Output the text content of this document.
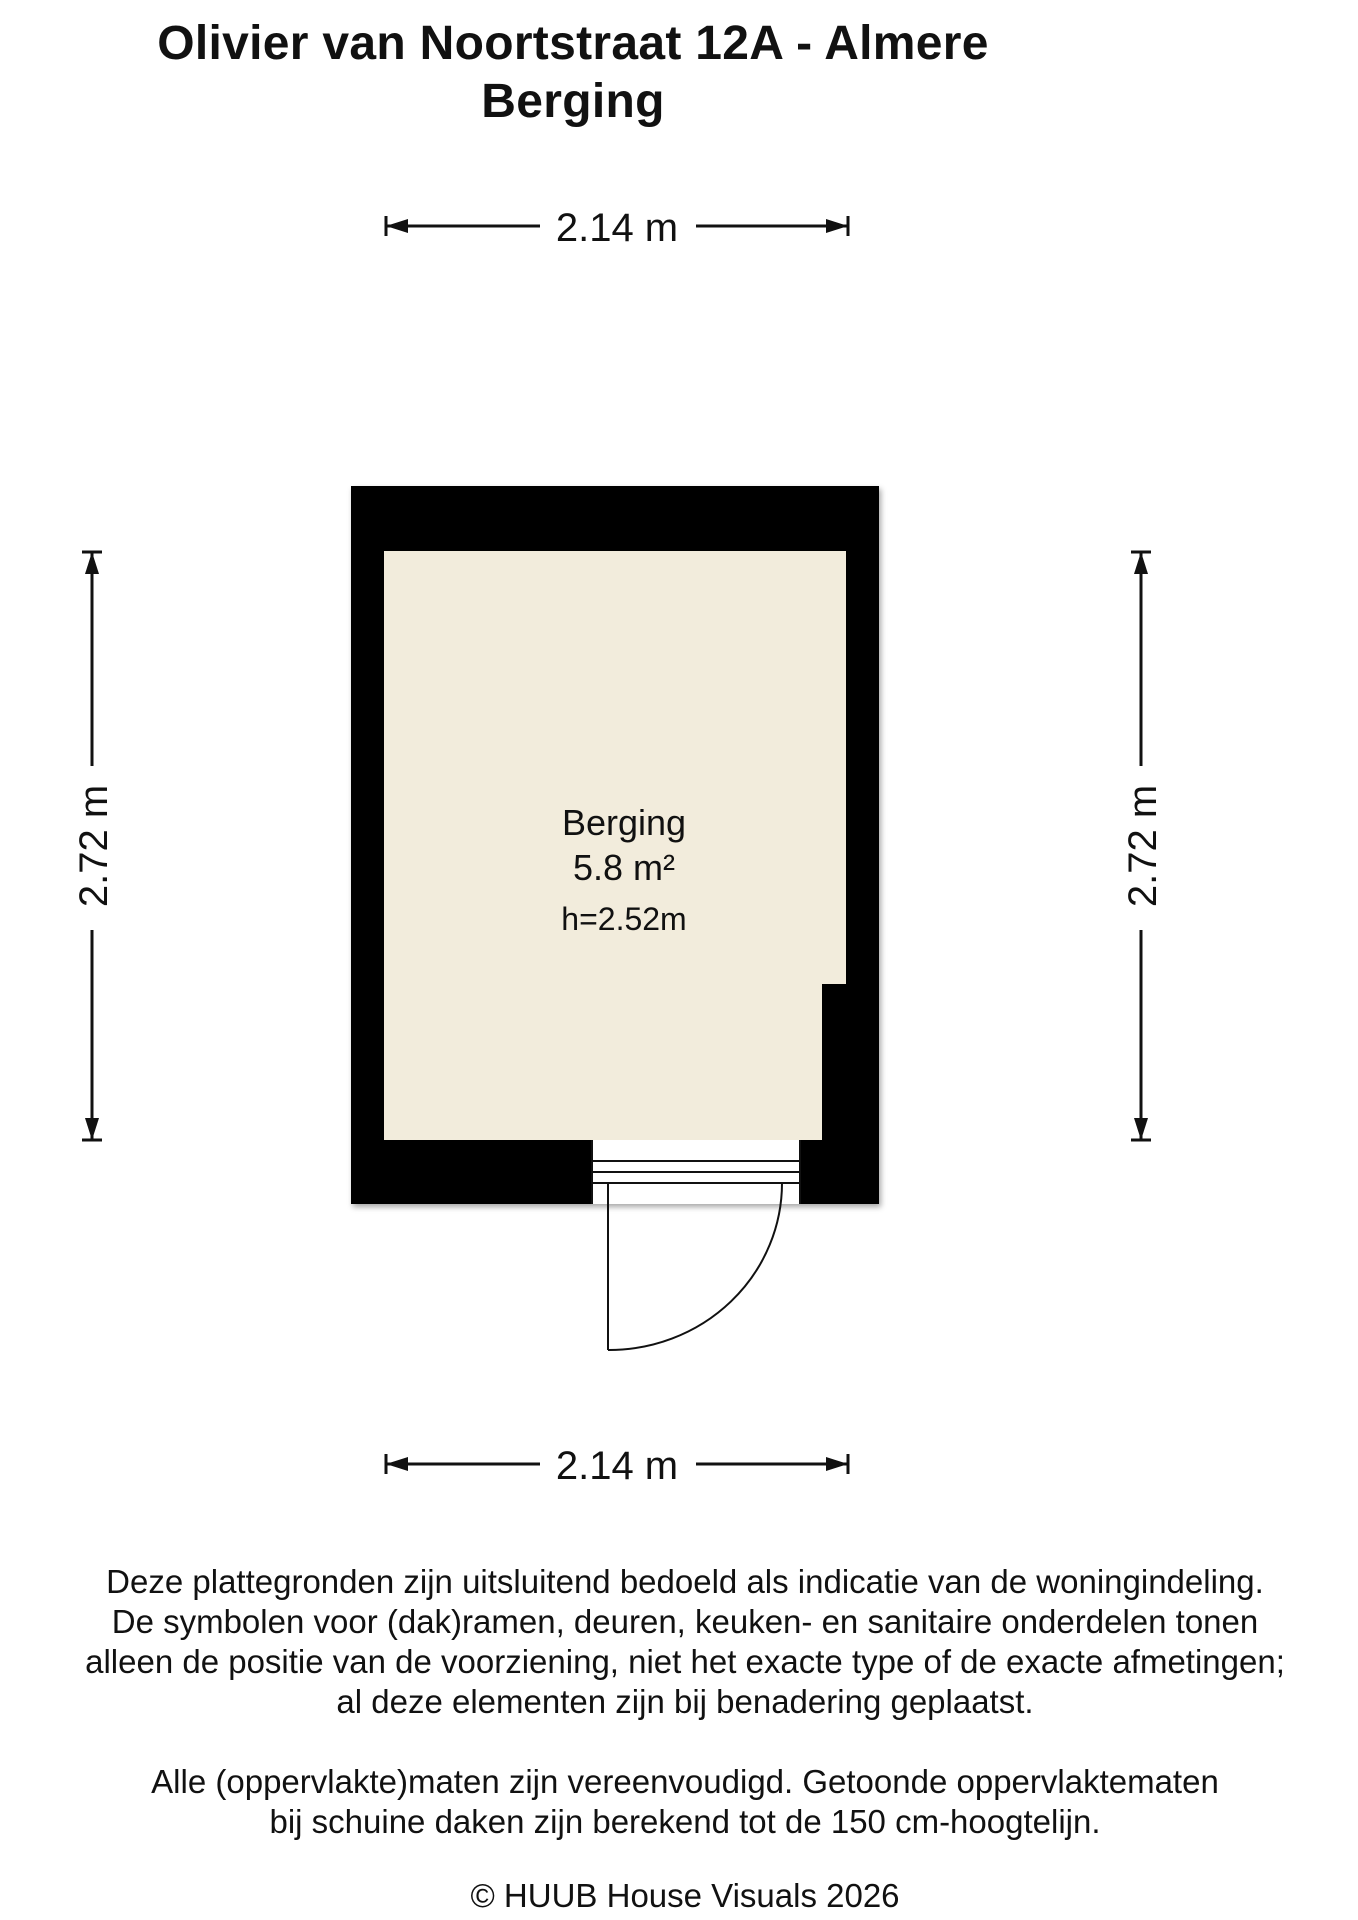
Olivier van Noortstraat 12A - Almere
Berging
2.14 m
2.72 m	2.72 m
Berging
5.8 m²
h=2.52m
2.14 m
Deze plattegronden zijn uitsluitend bedoeld als indicatie van de woningindeling.
De symbolen voor (dak)ramen, deuren, keuken- en sanitaire onderdelen tonen
alleen de positie van de voorziening, niet het exacte type of de exacte afmetingen;
al deze elementen zijn bij benadering geplaatst.
Alle (oppervlakte)maten zijn vereenvoudigd. Getoonde oppervlaktematen
bij schuine daken zijn berekend tot de 150 cm-hoogtelijn.
© HUUB House Visuals 2026
